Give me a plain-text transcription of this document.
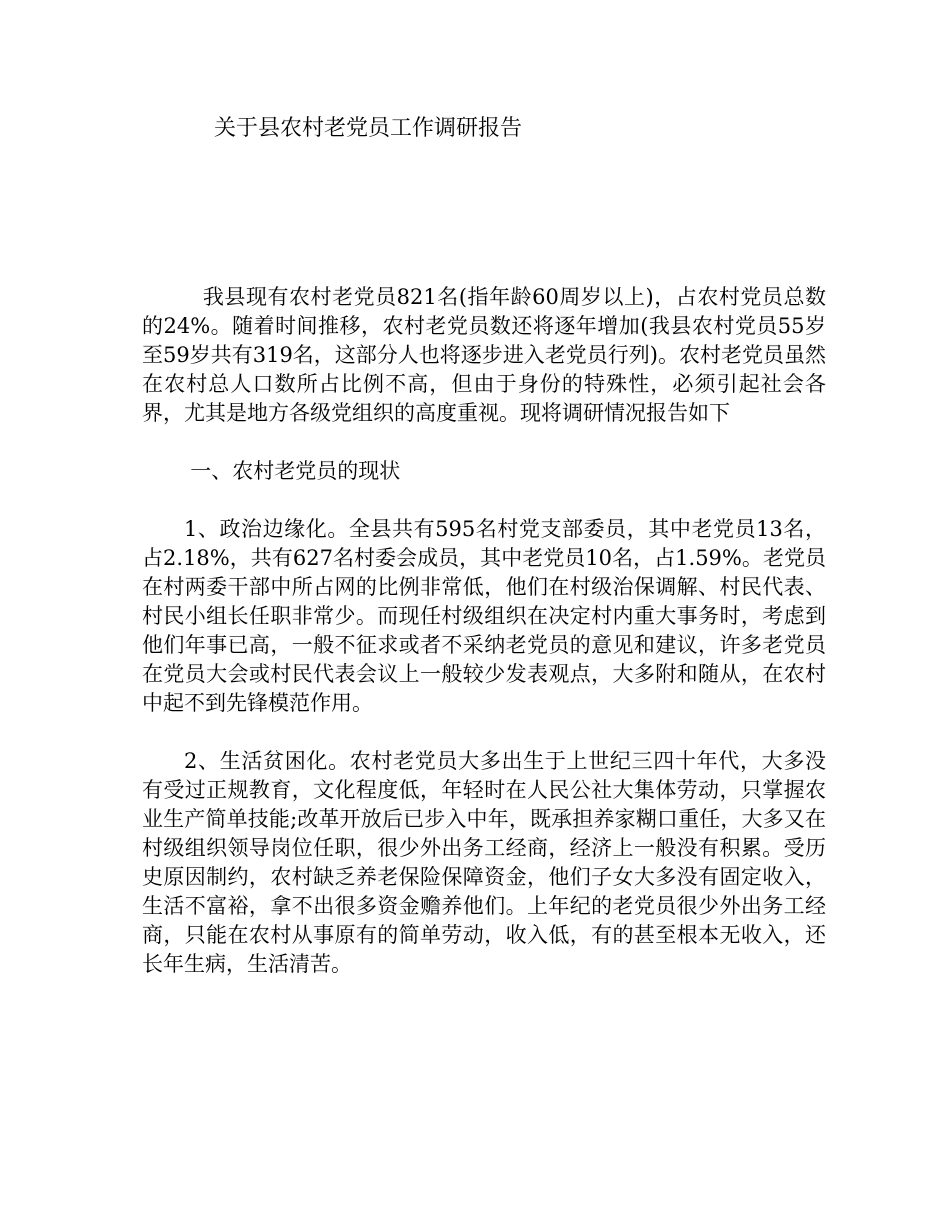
关于县农村老党员工作调研报告

我县现有农村老党员821名(指年龄60周岁以上)，占农村党员总数的24%。随着时间推移，农村老党员数还将逐年增加(我县农村党员55岁至59岁共有319名，这部分人也将逐步进入老党员行列)。农村老党员虽然在农村总人口数所占比例不高，但由于身份的特殊性，必须引起社会各界，尤其是地方各级党组织的高度重视。现将调研情况报告如下

一、农村老党员的现状

1、政治边缘化。全县共有595名村党支部委员，其中老党员13名，占2.18%，共有627名村委会成员，其中老党员10名，占1.59%。老党员在村两委干部中所占网的比例非常低，他们在村级治保调解、村民代表、村民小组长任职非常少。而现任村级组织在决定村内重大事务时，考虑到他们年事已高，一般不征求或者不采纳老党员的意见和建议，许多老党员在党员大会或村民代表会议上一般较少发表观点，大多附和随从，在农村中起不到先锋模范作用。

2、生活贫困化。农村老党员大多出生于上世纪三四十年代，大多没有受过正规教育，文化程度低，年轻时在人民公社大集体劳动，只掌握农业生产简单技能;改革开放后已步入中年，既承担养家糊口重任，大多又在村级组织领导岗位任职，很少外出务工经商，经济上一般没有积累。受历史原因制约，农村缺乏养老保险保障资金，他们子女大多没有固定收入，生活不富裕，拿不出很多资金赡养他们。上年纪的老党员很少外出务工经商，只能在农村从事原有的简单劳动，收入低，有的甚至根本无收入，还长年生病，生活清苦。
